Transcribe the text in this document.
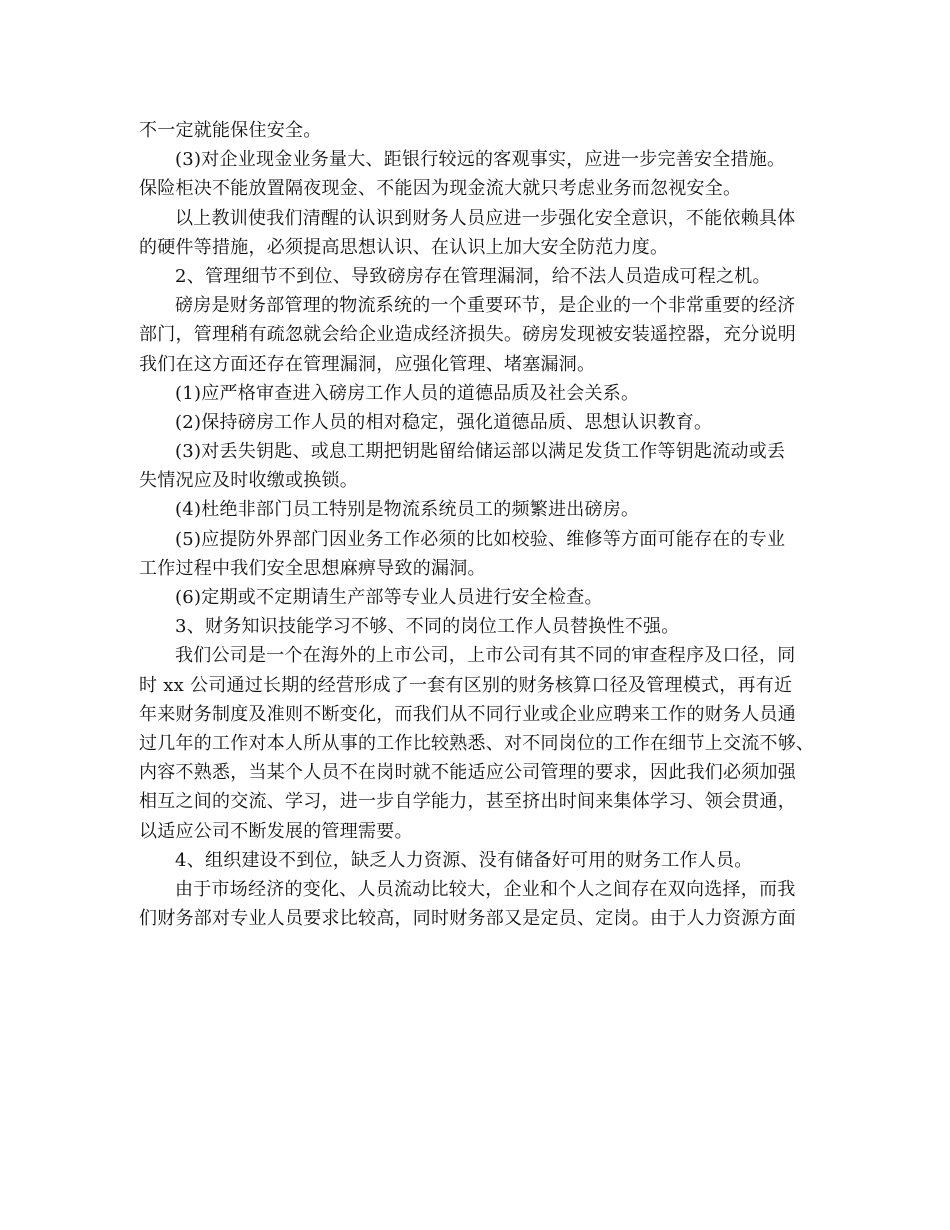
不一定就能保住安全。
(3)对企业现金业务量大、距银行较远的客观事实，应进一步完善安全措施。
保险柜决不能放置隔夜现金、不能因为现金流大就只考虑业务而忽视安全。
以上教训使我们清醒的认识到财务人员应进一步强化安全意识，不能依赖具体
的硬件等措施，必须提高思想认识、在认识上加大安全防范力度。
2、管理细节不到位、导致磅房存在管理漏洞，给不法人员造成可程之机。
磅房是财务部管理的物流系统的一个重要环节，是企业的一个非常重要的经济
部门，管理稍有疏忽就会给企业造成经济损失。磅房发现被安装遥控器，充分说明
我们在这方面还存在管理漏洞，应强化管理、堵塞漏洞。
(1)应严格审查进入磅房工作人员的道德品质及社会关系。
(2)保持磅房工作人员的相对稳定，强化道德品质、思想认识教育。
(3)对丢失钥匙、或息工期把钥匙留给储运部以满足发货工作等钥匙流动或丢
失情况应及时收缴或换锁。
(4)杜绝非部门员工特别是物流系统员工的频繁进出磅房。
(5)应提防外界部门因业务工作必须的比如校验、维修等方面可能存在的专业
工作过程中我们安全思想麻痹导致的漏洞。
(6)定期或不定期请生产部等专业人员进行安全检查。
3、财务知识技能学习不够、不同的岗位工作人员替换性不强。
我们公司是一个在海外的上市公司，上市公司有其不同的审查程序及口径，同
时 xx 公司通过长期的经营形成了一套有区别的财务核算口径及管理模式，再有近
年来财务制度及准则不断变化，而我们从不同行业或企业应聘来工作的财务人员通
过几年的工作对本人所从事的工作比较熟悉、对不同岗位的工作在细节上交流不够、
内容不熟悉，当某个人员不在岗时就不能适应公司管理的要求，因此我们必须加强
相互之间的交流、学习，进一步自学能力，甚至挤出时间来集体学习、领会贯通，
以适应公司不断发展的管理需要。
4、组织建设不到位，缺乏人力资源、没有储备好可用的财务工作人员。
由于市场经济的变化、人员流动比较大，企业和个人之间存在双向选择，而我
们财务部对专业人员要求比较高，同时财务部又是定员、定岗。由于人力资源方面
